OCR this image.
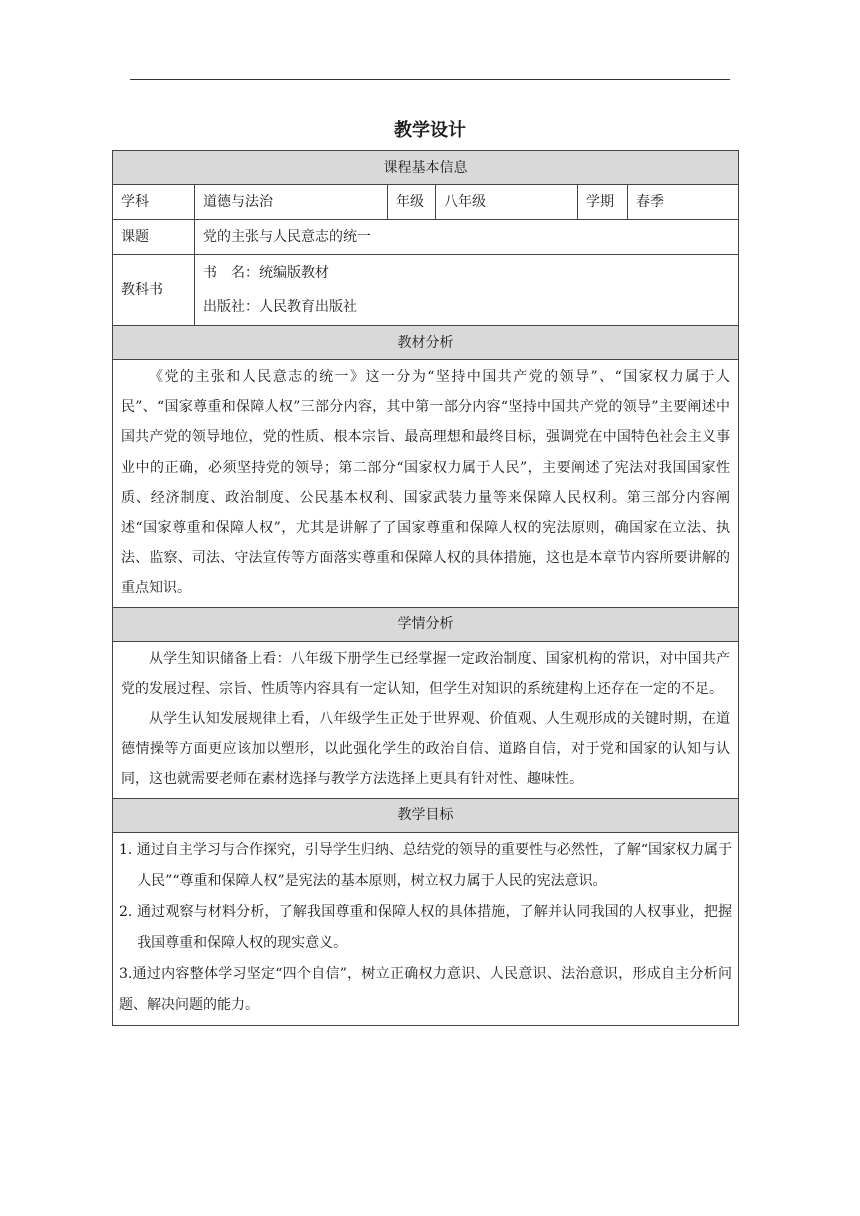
教学设计
课程基本信息					
学科	道德与法治	年级	八年级	学期	春季
课题	党的主张与人民意志的统一				

教科书	书　名：统编版教材
出版社：人民教育出版社				

教材分析					

《党的主张和人民意志的统一》这一分为“坚持中国共产党的领导”、“国家权力属于人民”、“国家尊重和保障人权”三部分内容，其中第一部分内容“坚持中国共产党的领导”主要阐述中国共产党的领导地位，党的性质、根本宗旨、最高理想和最终目标，强调党在中国特色社会主义事业中的正确，必须坚持党的领导；第二部分“国家权力属于人民”，主要阐述了宪法对我国国家性质、经济制度、政治制度、公民基本权利、国家武装力量等来保障人民权利。第三部分内容阐述“国家尊重和保障人权”，尤其是讲解了了国家尊重和保障人权的宪法原则，确国家在立法、执法、监察、司法、守法宣传等方面落实尊重和保障人权的具体措施，这也是本章节内容所要讲解的重点知识。					

学情分析					

从学生知识储备上看：八年级下册学生已经掌握一定政治制度、国家机构的常识，对中国共产党的发展过程、宗旨、性质等内容具有一定认知，但学生对知识的系统建构上还存在一定的不足。

从学生认知发展规律上看，八年级学生正处于世界观、价值观、人生观形成的关键时期，在道德情操等方面更应该加以塑形，以此强化学生的政治自信、道路自信，对于党和国家的认知与认同，这也就需要老师在素材选择与教学方法选择上更具有针对性、趣味性。					

教学目标					

1. 通过自主学习与合作探究，引导学生归纳、总结党的领导的重要性与必然性，了解“国家权力属于人民”“尊重和保障人权”是宪法的基本原则，树立权力属于人民的宪法意识。

2. 通过观察与材料分析，了解我国尊重和保障人权的具体措施，了解并认同我国的人权事业，把握我国尊重和保障人权的现实意义。

3.通过内容整体学习坚定“四个自信”，树立正确权力意识、人民意识、法治意识，形成自主分析问题、解决问题的能力。					
